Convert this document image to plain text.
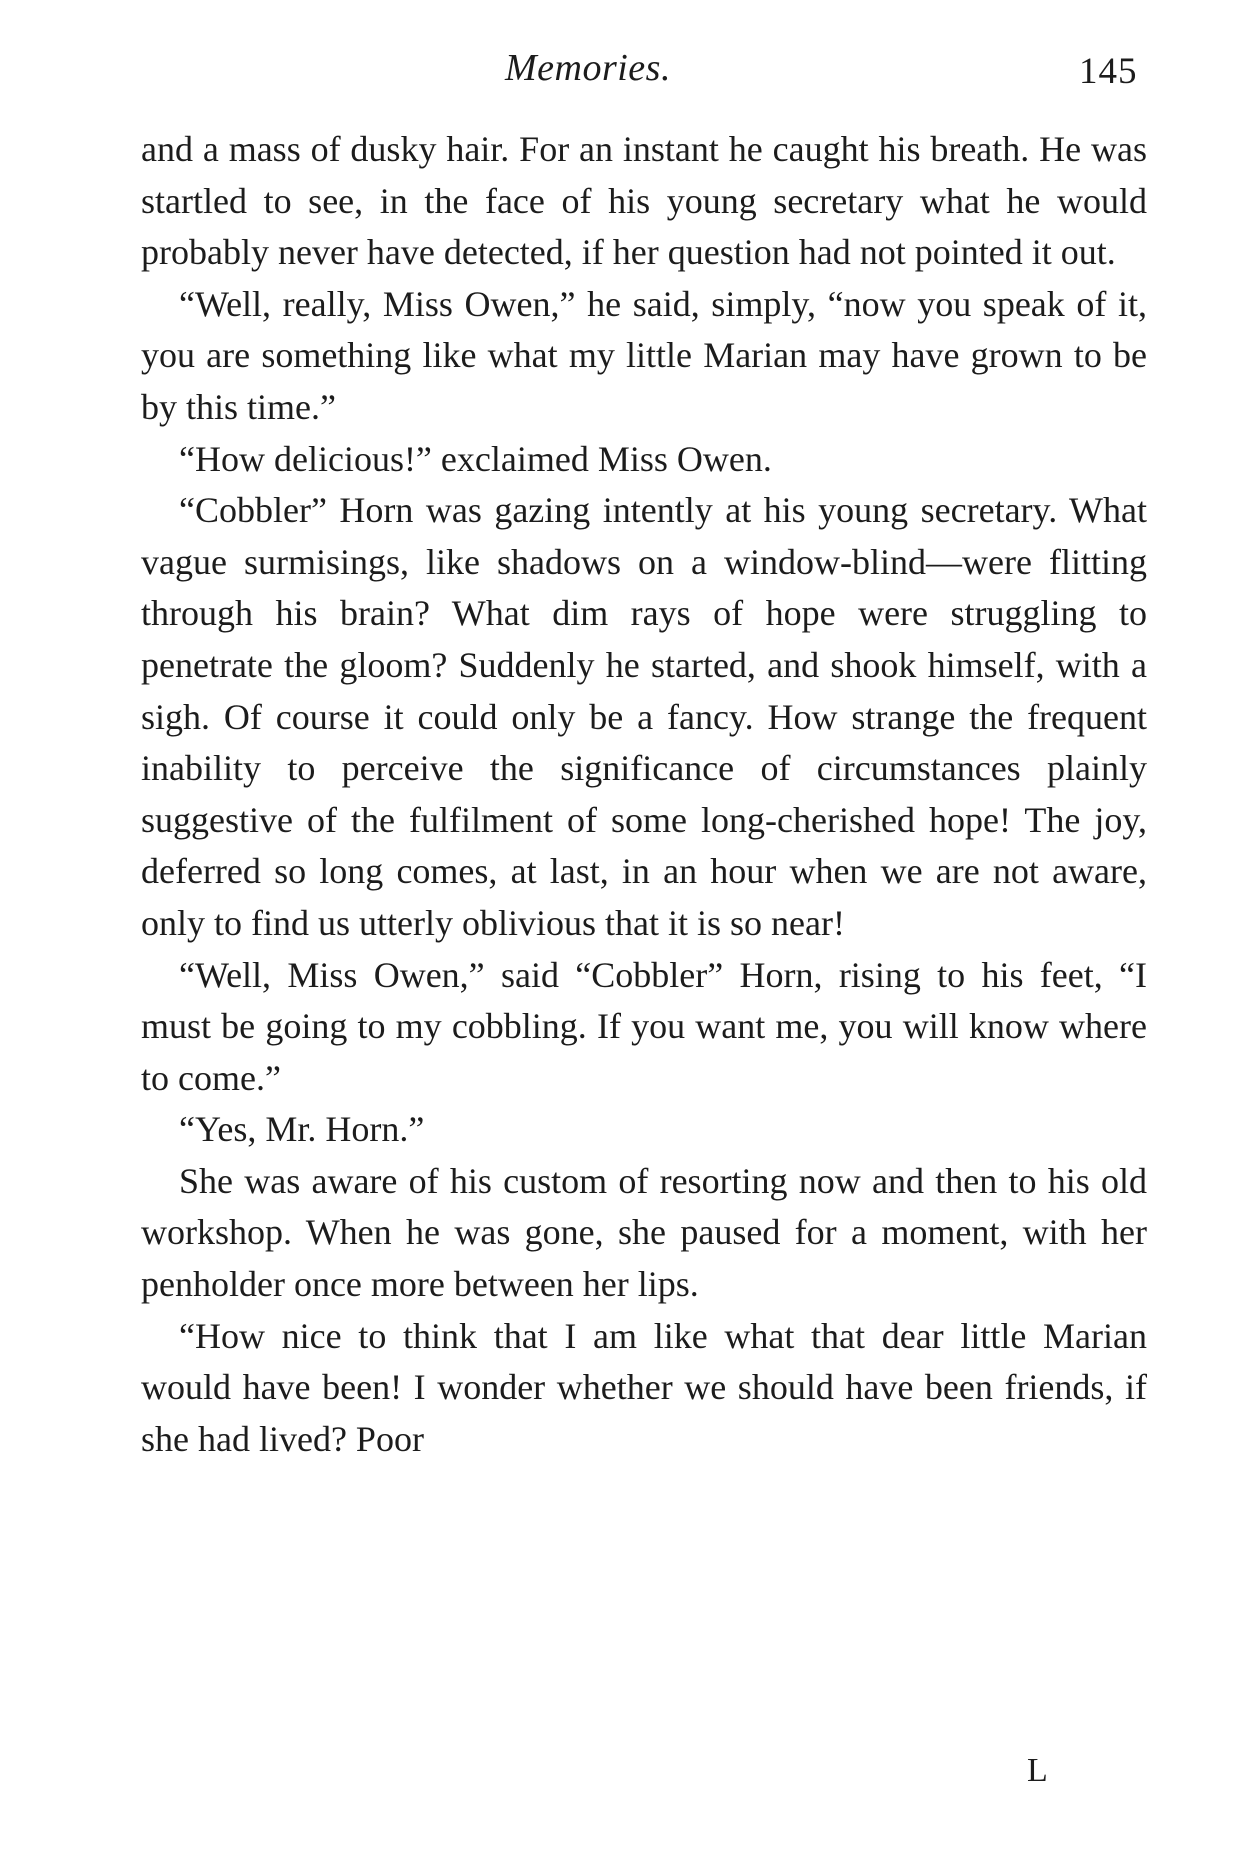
Memories.	145

and a mass of dusky hair. For an instant he caught his breath. He was startled to see, in the face of his young secretary what he would probably never have detected, if her question had not pointed it out.

“Well, really, Miss Owen,” he said, simply, “now you speak of it, you are something like what my little Marian may have grown to be by this time.”

“How delicious!” exclaimed Miss Owen.

“Cobbler” Horn was gazing intently at his young secretary. What vague surmisings, like shadows on a window-blind—were flitting through his brain? What dim rays of hope were struggling to penetrate the gloom? Suddenly he started, and shook himself, with a sigh. Of course it could only be a fancy. How strange the frequent inability to perceive the significance of circumstances plainly suggestive of the fulfilment of some long-cherished hope! The joy, deferred so long comes, at last, in an hour when we are not aware, only to find us utterly oblivious that it is so near!

“Well, Miss Owen,” said “Cobbler” Horn, rising to his feet, “I must be going to my cobbling. If you want me, you will know where to come.”

“Yes, Mr. Horn.”

She was aware of his custom of resorting now and then to his old workshop. When he was gone, she paused for a moment, with her penholder once more between her lips.

“How nice to think that I am like what that dear little Marian would have been! I wonder whether we should have been friends, if she had lived? Poor

L
